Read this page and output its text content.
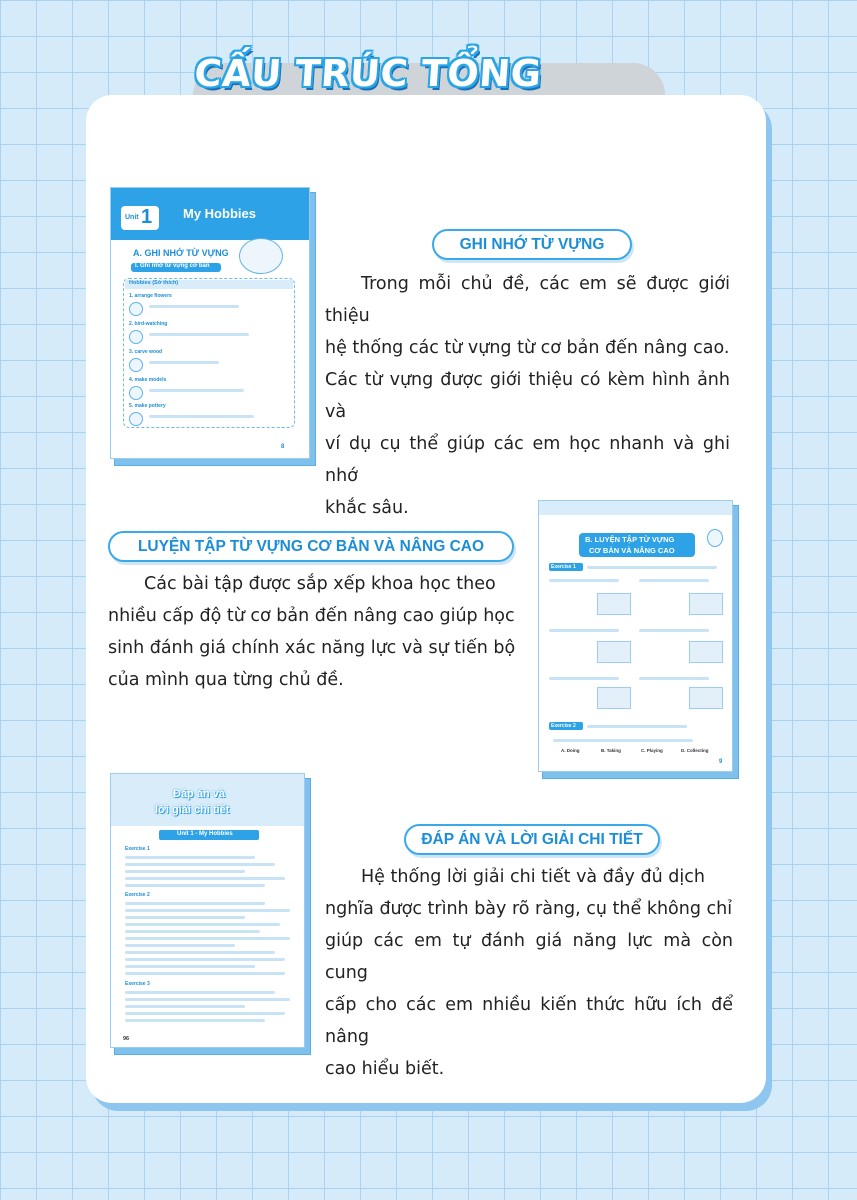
CẤU TRÚC TỔNG
Unit 1 My Hobbies
A. GHI NHỚ TỪ VỰNG
I. Ghi nhớ từ vựng cơ bản
Hobbies (Sở thích)
1. arrange flowers
2. bird-watching
3. carve wood
4. make models
5. make pottery
8
GHI NHỚ TỪ VỰNG
Trong mỗi chủ đề, các em sẽ được giới thiệu
hệ thống các từ vựng từ cơ bản đến nâng cao.
Các từ vựng được giới thiệu có kèm hình ảnh và
ví dụ cụ thể giúp các em học nhanh và ghi nhớ
khắc sâu.
LUYỆN TẬP TỪ VỰNG CƠ BẢN VÀ NÂNG CAO
Các bài tập được sắp xếp khoa học theo
nhiều cấp độ từ cơ bản đến nâng cao giúp học
sinh đánh giá chính xác năng lực và sự tiến bộ
của mình qua từng chủ đề.
B. LUYỆN TẬP TỪ VỰNG
CƠ BẢN VÀ NÂNG CAO
Exercise 1
Exercise 2
A. Doing	B. Taking	C. Playing	D. Collecting
9
Đáp án và
lời giải chi tiết
Unit 1 - My Hobbies
Exercise 1
Exercise 2
Exercise 3
96
ĐÁP ÁN VÀ LỜI GIẢI CHI TIẾT
Hệ thống lời giải chi tiết và đầy đủ dịch
nghĩa được trình bày rõ ràng, cụ thể không chỉ
giúp các em tự đánh giá năng lực mà còn cung
cấp cho các em nhiều kiến thức hữu ích để nâng
cao hiểu biết.
